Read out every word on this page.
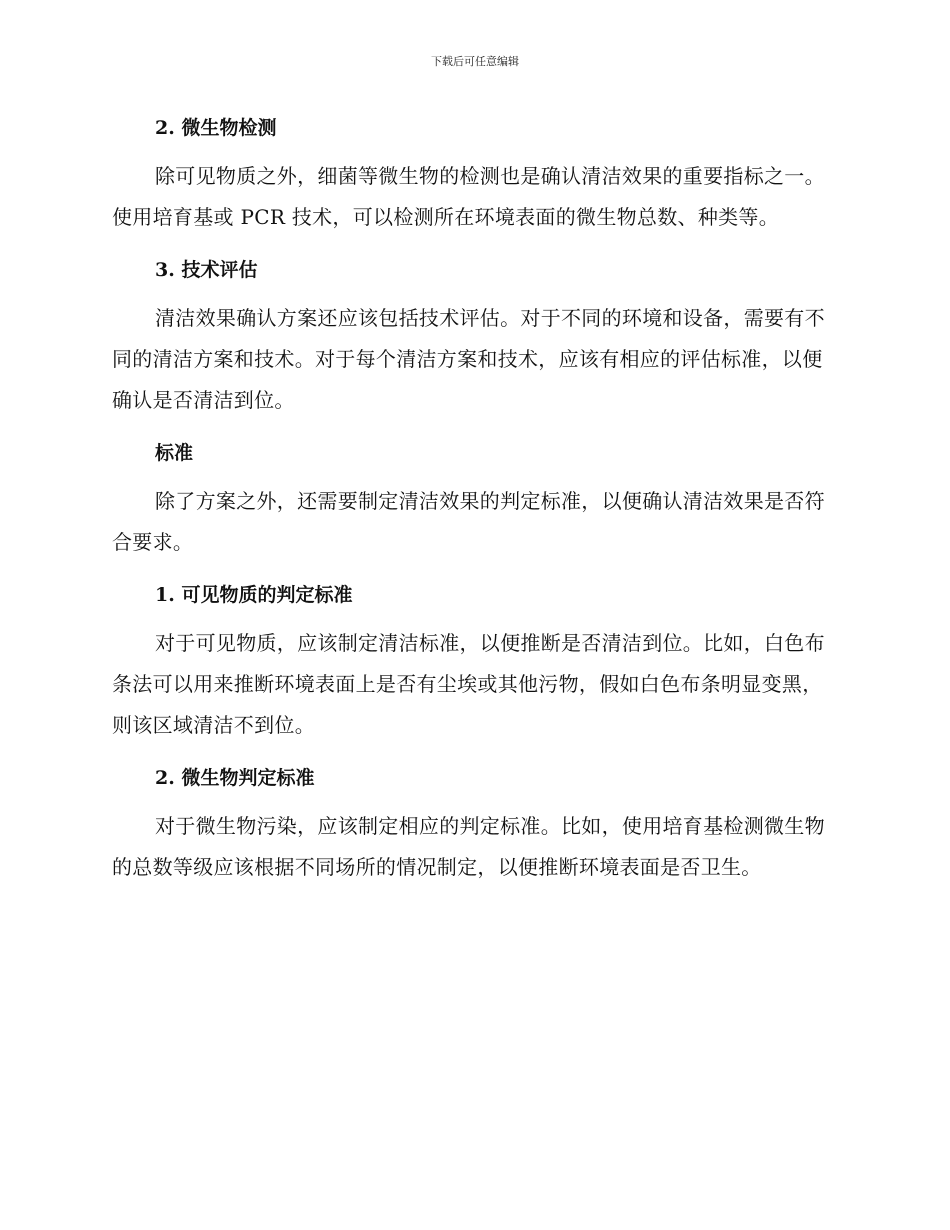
下载后可任意编辑
2. 微生物检测

除可见物质之外，细菌等微生物的检测也是确认清洁效果的重要指标之一。使用培育基或 PCR 技术，可以检测所在环境表面的微生物总数、种类等。

3. 技术评估

清洁效果确认方案还应该包括技术评估。对于不同的环境和设备，需要有不同的清洁方案和技术。对于每个清洁方案和技术，应该有相应的评估标准，以便确认是否清洁到位。

标准

除了方案之外，还需要制定清洁效果的判定标准，以便确认清洁效果是否符合要求。

1. 可见物质的判定标准

对于可见物质，应该制定清洁标准，以便推断是否清洁到位。比如，白色布条法可以用来推断环境表面上是否有尘埃或其他污物，假如白色布条明显变黑，则该区域清洁不到位。

2. 微生物判定标准

对于微生物污染，应该制定相应的判定标准。比如，使用培育基检测微生物的总数等级应该根据不同场所的情况制定，以便推断环境表面是否卫生。
